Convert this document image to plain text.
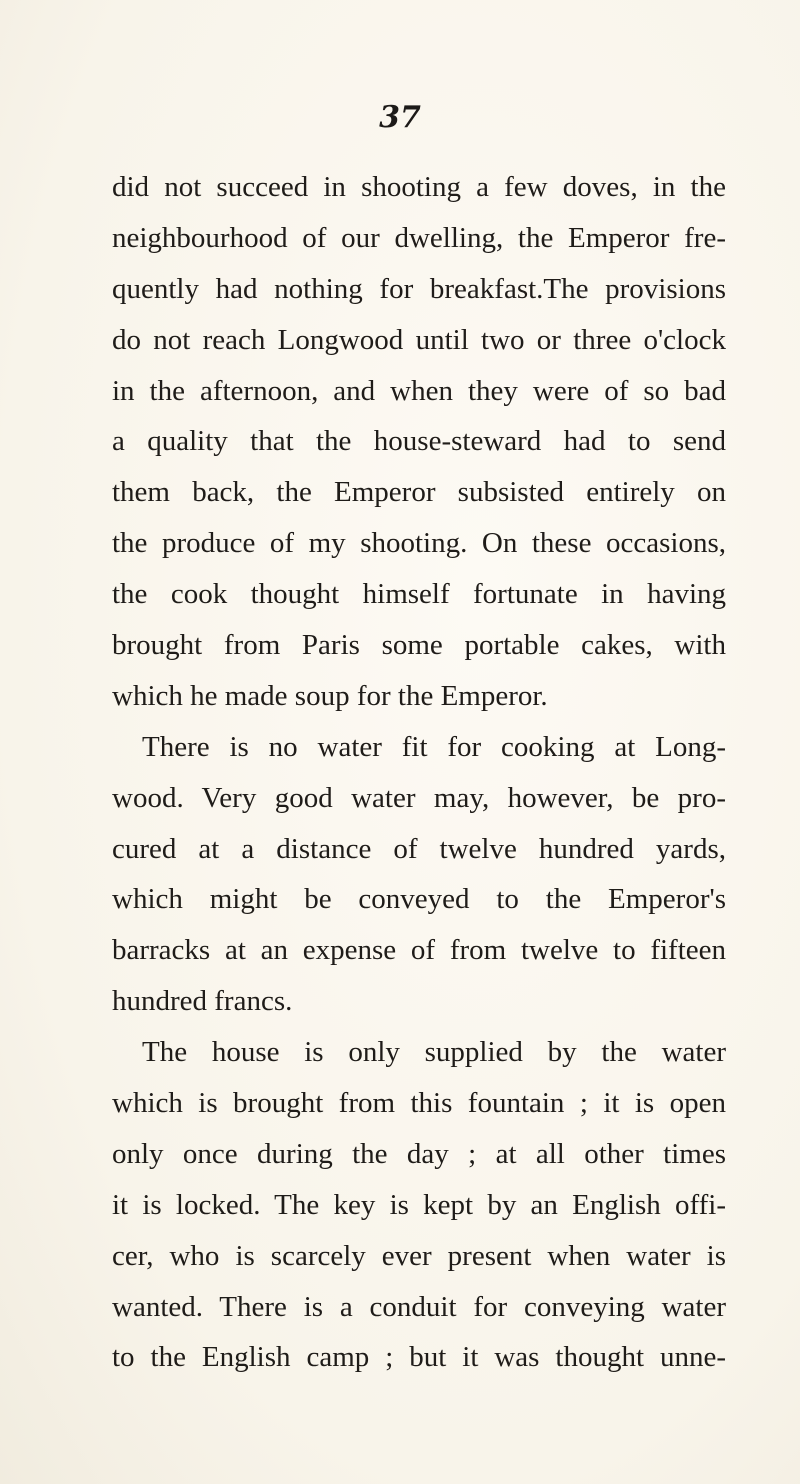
37
did not succeed in shooting a few doves, in the
neighbourhood of our dwelling, the Emperor fre-
quently had nothing for breakfast.The provisions
do not reach Longwood until two or three o'clock
in the afternoon, and when they were of so bad
a quality that the house-steward had to send
them back, the Emperor subsisted entirely on
the produce of my shooting. On these occasions,
the cook thought himself fortunate in having
brought from Paris some portable cakes, with
which he made soup for the Emperor.
There is no water fit for cooking at Long-
wood. Very good water may, however, be pro-
cured at a distance of twelve hundred yards,
which might be conveyed to the Emperor's
barracks at an expense of from twelve to fifteen
hundred francs.
The house is only supplied by the water
which is brought from this fountain ; it is open
only once during the day ; at all other times
it is locked. The key is kept by an English offi-
cer, who is scarcely ever present when water is
wanted. There is a conduit for conveying water
to the English camp ; but it was thought unne-
